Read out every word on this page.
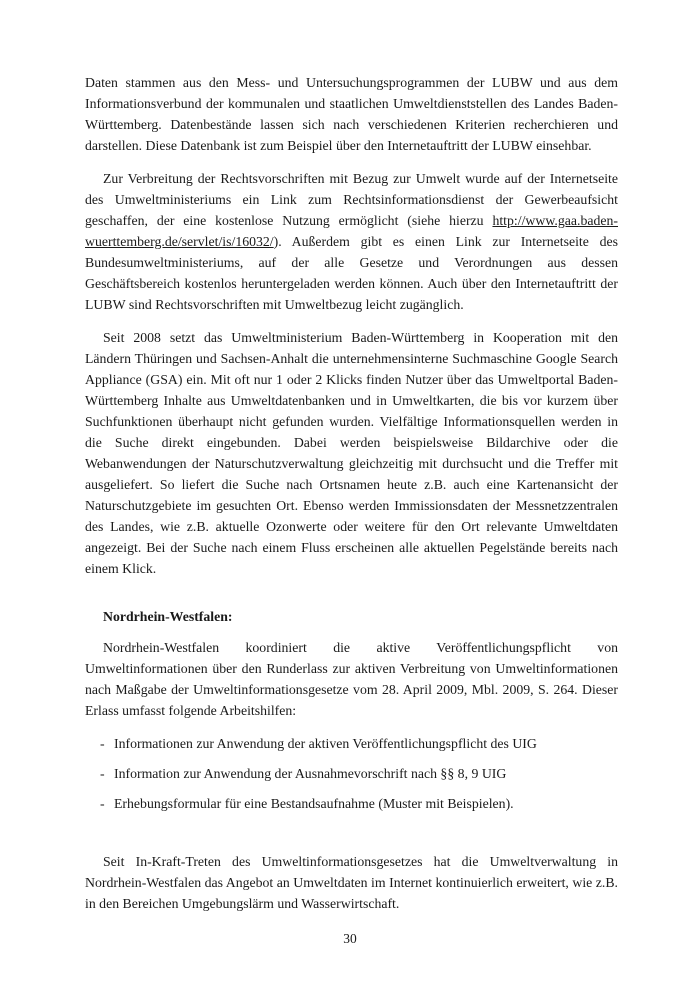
Daten stammen aus den Mess- und Untersuchungsprogrammen der LUBW und aus dem Informationsverbund der kommunalen und staatlichen Umweltdienststellen des Landes Baden-Württemberg. Datenbestände lassen sich nach verschiedenen Kriterien recherchieren und darstellen. Diese Datenbank ist zum Beispiel über den Internetauftritt der LUBW einsehbar.

Zur Verbreitung der Rechtsvorschriften mit Bezug zur Umwelt wurde auf der Internetseite des Umweltministeriums ein Link zum Rechtsinformationsdienst der Gewerbeaufsicht geschaffen, der eine kostenlose Nutzung ermöglicht (siehe hierzu http://www.gaa.baden-wuerttemberg.de/servlet/is/16032/). Außerdem gibt es einen Link zur Internetseite des Bundesumweltministeriums, auf der alle Gesetze und Verordnungen aus dessen Geschäftsbereich kostenlos heruntergeladen werden können. Auch über den Internetauftritt der LUBW sind Rechtsvorschriften mit Umweltbezug leicht zugänglich.

Seit 2008 setzt das Umweltministerium Baden-Württemberg in Kooperation mit den Ländern Thüringen und Sachsen-Anhalt die unternehmensinterne Suchmaschine Google Search Appliance (GSA) ein. Mit oft nur 1 oder 2 Klicks finden Nutzer über das Umweltportal Baden-Württemberg Inhalte aus Umweltdatenbanken und in Umweltkarten, die bis vor kurzem über Suchfunktionen überhaupt nicht gefunden wurden. Vielfältige Informationsquellen werden in die Suche direkt eingebunden. Dabei werden beispielsweise Bildarchive oder die Webanwendungen der Naturschutzverwaltung gleichzeitig mit durchsucht und die Treffer mit ausgeliefert. So liefert die Suche nach Ortsnamen heute z.B. auch eine Kartenansicht der Naturschutzgebiete im gesuchten Ort. Ebenso werden Immissionsdaten der Messnetzzentralen des Landes, wie z.B. aktuelle Ozonwerte oder weitere für den Ort relevante Umweltdaten angezeigt. Bei der Suche nach einem Fluss erscheinen alle aktuellen Pegelstände bereits nach einem Klick.

Nordrhein-Westfalen:

Nordrhein-Westfalen koordiniert die aktive Veröffentlichungspflicht von Umweltinformationen über den Runderlass zur aktiven Verbreitung von Umweltinformationen nach Maßgabe der Umweltinformationsgesetze vom 28. April 2009, Mbl. 2009, S. 264. Dieser Erlass umfasst folgende Arbeitshilfen:

- Informationen zur Anwendung der aktiven Veröffentlichungspflicht des UIG
- Information zur Anwendung der Ausnahmevorschrift nach §§ 8, 9 UIG
- Erhebungsformular für eine Bestandsaufnahme (Muster mit Beispielen).

Seit In-Kraft-Treten des Umweltinformationsgesetzes hat die Umweltverwaltung in Nordrhein-Westfalen das Angebot an Umweltdaten im Internet kontinuierlich erweitert, wie z.B. in den Bereichen Umgebungslärm und Wasserwirtschaft.

30
